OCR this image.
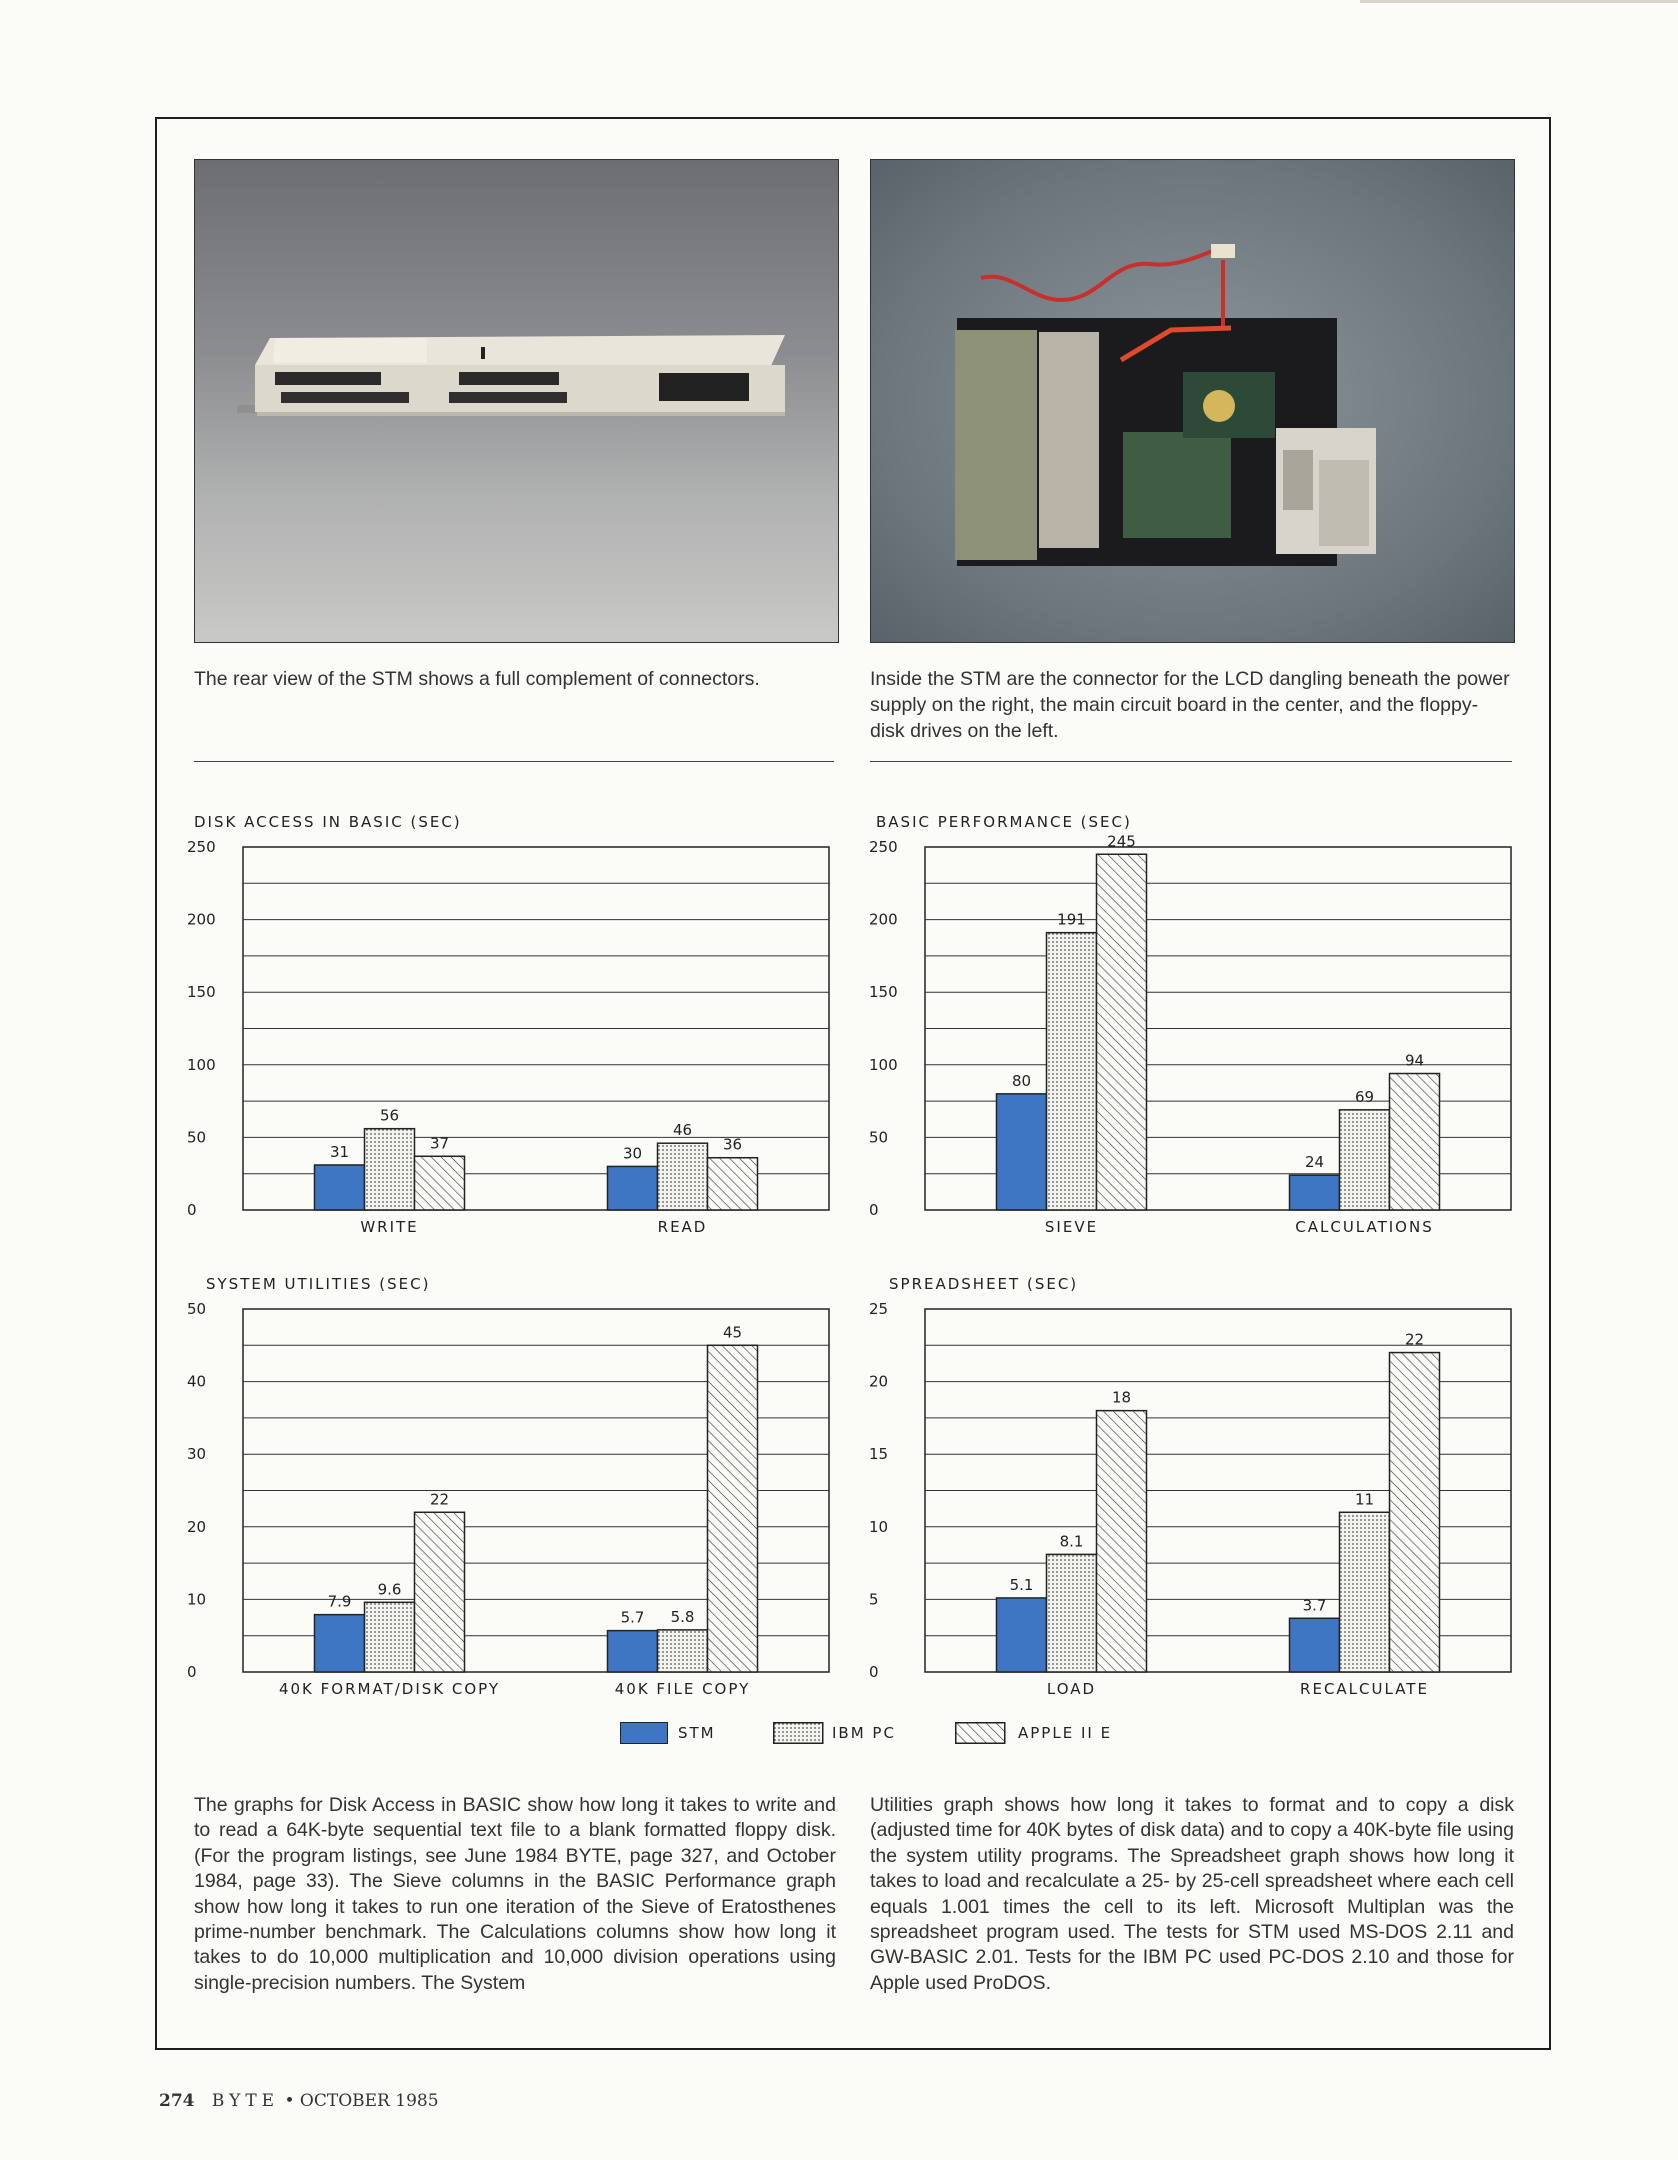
The rear view of the STM shows a full complement of connectors.	Inside the STM are the connector for the LCD dangling beneath the power supply on the right, the main circuit board in the center, and the floppy-disk drives on the left.
DISK ACCESS IN BASIC (SEC)
0
50
100
150
200
250
31
56
37
WRITE
30
46
36
READ
BASIC PERFORMANCE (SEC)
0
50
100
150
200
250
80
191
245
SIEVE
24
69
94
CALCULATIONS
SYSTEM UTILITIES (SEC)
0
10
20
30
40
50
7.9
9.6
22
40K FORMAT/DISK COPY
5.7 5.8
45
40K FILE COPY
SPREADSHEET (SEC)
0
5
10
15
20
25
5.1
8.1
18
LOAD
3.7
11
22
RECALCULATE
STM	IBM PC	APPLE II E
The graphs for Disk Access in BASIC show how long it takes to write and to read a 64K-byte sequential text file to a blank formatted floppy disk. (For the program listings, see June 1984 BYTE, page 327, and October 1984, page 33). The Sieve columns in the BASIC Performance graph show how long it takes to run one iteration of the Sieve of Eratosthenes prime-number benchmark. The Calculations columns show how long it takes to do 10,000 multiplication and 10,000 division operations using single-precision numbers. The System
Utilities graph shows how long it takes to format and to copy a disk (adjusted time for 40K bytes of disk data) and to copy a 40K-byte file using the system utility programs. The Spreadsheet graph shows how long it takes to load and recalculate a 25- by 25-cell spreadsheet where each cell equals 1.001 times the cell to its left. Microsoft Multiplan was the spreadsheet program used. The tests for STM used MS-DOS 2.11 and GW-BASIC 2.01. Tests for the IBM PC used PC-DOS 2.10 and those for Apple used ProDOS.
274 BYTE • OCTOBER 1985
